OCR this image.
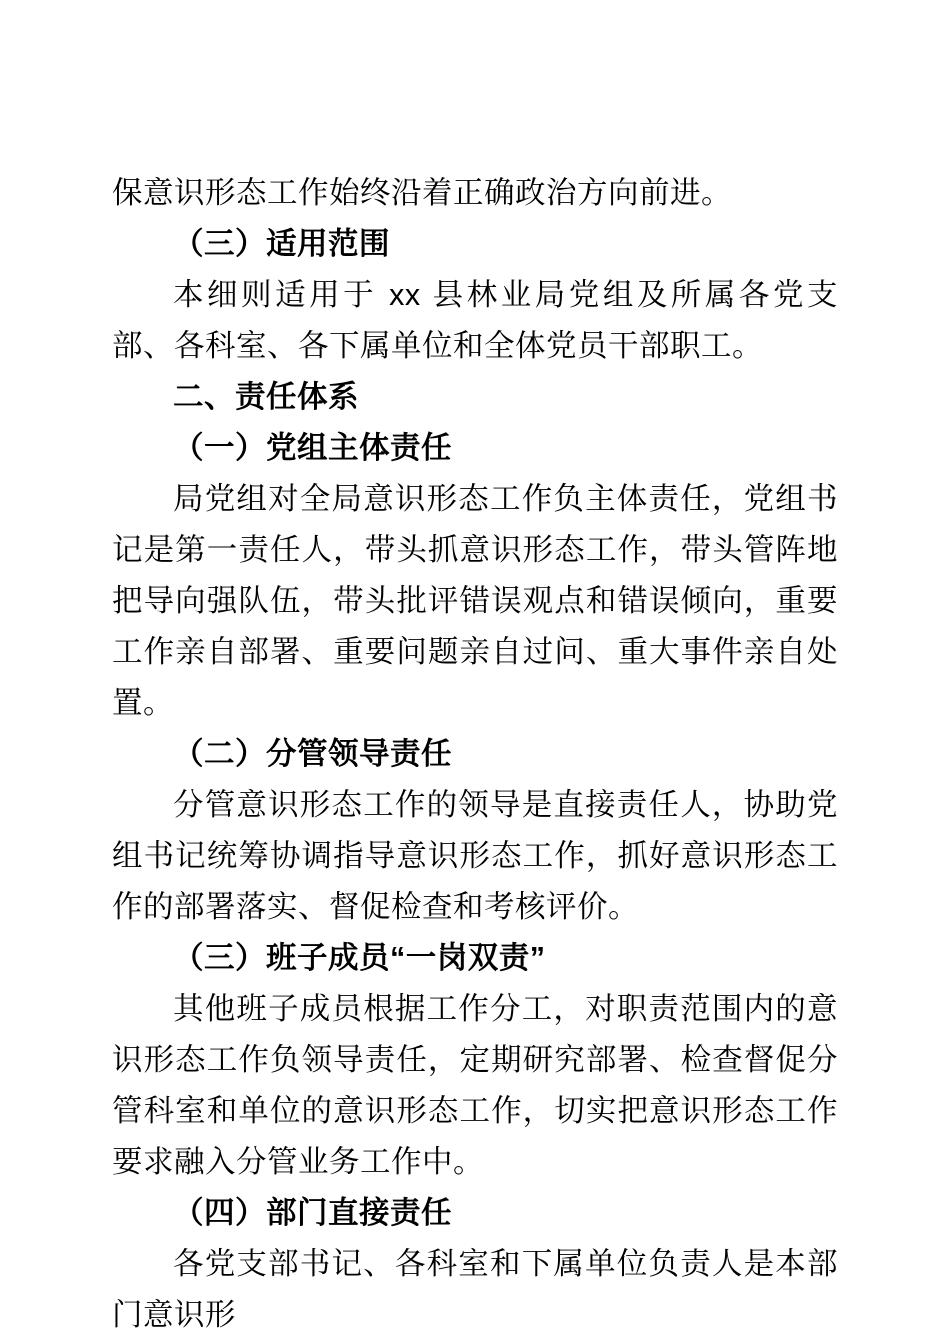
保意识形态工作始终沿着正确政治方向前进。

（三）适用范围

本细则适用于 xx 县林业局党组及所属各党支部、各科室、各下属单位和全体党员干部职工。

二、责任体系

（一）党组主体责任

局党组对全局意识形态工作负主体责任，党组书记是第一责任人，带头抓意识形态工作，带头管阵地把导向强队伍，带头批评错误观点和错误倾向，重要工作亲自部署、重要问题亲自过问、重大事件亲自处置。

（二）分管领导责任

分管意识形态工作的领导是直接责任人，协助党组书记统筹协调指导意识形态工作，抓好意识形态工作的部署落实、督促检查和考核评价。

（三）班子成员“一岗双责”

其他班子成员根据工作分工，对职责范围内的意识形态工作负领导责任，定期研究部署、检查督促分管科室和单位的意识形态工作，切实把意识形态工作要求融入分管业务工作中。

（四）部门直接责任

各党支部书记、各科室和下属单位负责人是本部门意识形
